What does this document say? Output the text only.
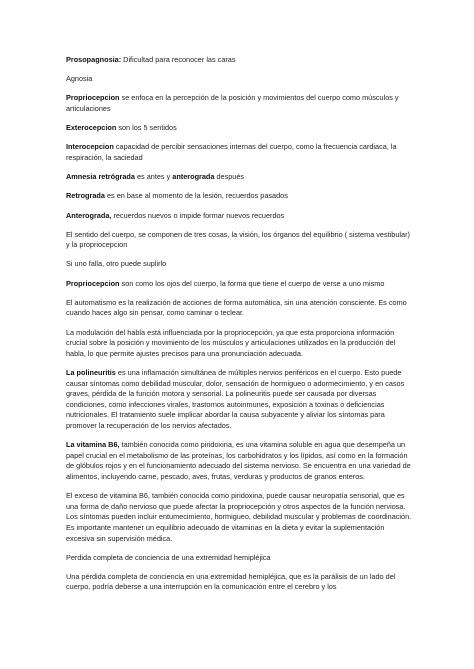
Prosopagnosia: Dificultad para reconocer las caras

Agnosia

Propriocepcion se enfoca en la percepción de la posición y movimientos del cuerpo como músculos y articulaciones

Exterocepcion son los 5 sentidos

Interocepcion capacidad de percibir sensaciones internas del cuerpo, como la frecuencia cardiaca, la respiración, la saciedad

Amnesia retrógrada es antes y anterograda después

Retrograda es en base al momento de la lesión, recuerdos pasados

Anterograda, recuerdos nuevos o impide formar nuevos recuerdos

El sentido del cuerpo, se componen de tres cosas, la visión, los órganos del equilibrio ( sistema vestibular) y la propriocepcion

Si uno falla, otro puede suplirlo

Propriocepcion son como los ojos del cuerpo, la forma que tiene el cuerpo de verse a uno mismo

El automatismo es la realización de acciones de forma automática, sin una atención consciente. Es como cuando haces algo sin pensar, como caminar o teclear.

La modulación del habla está influenciada por la propriocepción, ya que esta proporciona información crucial sobre la posición y movimiento de los músculos y articulaciones utilizados en la producción del habla, lo que permite ajustes precisos para una pronunciación adecuada.

La polineuritis es una inflamación simultánea de múltiples nervios periféricos en el cuerpo. Esto puede causar síntomas como debilidad muscular, dolor, sensación de hormigueo o adormecimiento, y en casos graves, pérdida de la función motora y sensorial. La polineuritis puede ser causada por diversas condiciones, como infecciones virales, trastornos autoinmunes, exposición a toxinas o deficiencias nutricionales. El tratamiento suele implicar abordar la causa subyacente y aliviar los síntomas para promover la recuperación de los nervios afectados.

La vitamina B6, también conocida como piridoxina, es una vitamina soluble en agua que desempeña un papel crucial en el metabolismo de las proteínas, los carbohidratos y los lípidos, así como en la formación de glóbulos rojos y en el funcionamiento adecuado del sistema nervioso. Se encuentra en una variedad de alimentos, incluyendo carne, pescado, aves, frutas, verduras y productos de granos enteros.

El exceso de vitamina B6, también conocida como piridoxina, puede causar neuropatía sensorial, que es una forma de daño nervioso que puede afectar la propriocepción y otros aspectos de la función nerviosa. Los síntomas pueden incluir entumecimiento, hormigueo, debilidad muscular y problemas de coordinación. Es importante mantener un equilibrio adecuado de vitaminas en la dieta y evitar la suplementación excesiva sin supervisión médica.

Perdida completa de conciencia de una extremidad hemipléjica

Una pérdida completa de conciencia en una extremidad hemipléjica, que es la parálisis de un lado del cuerpo, podría deberse a una interrupción en la comunicación entre el cerebro y los
